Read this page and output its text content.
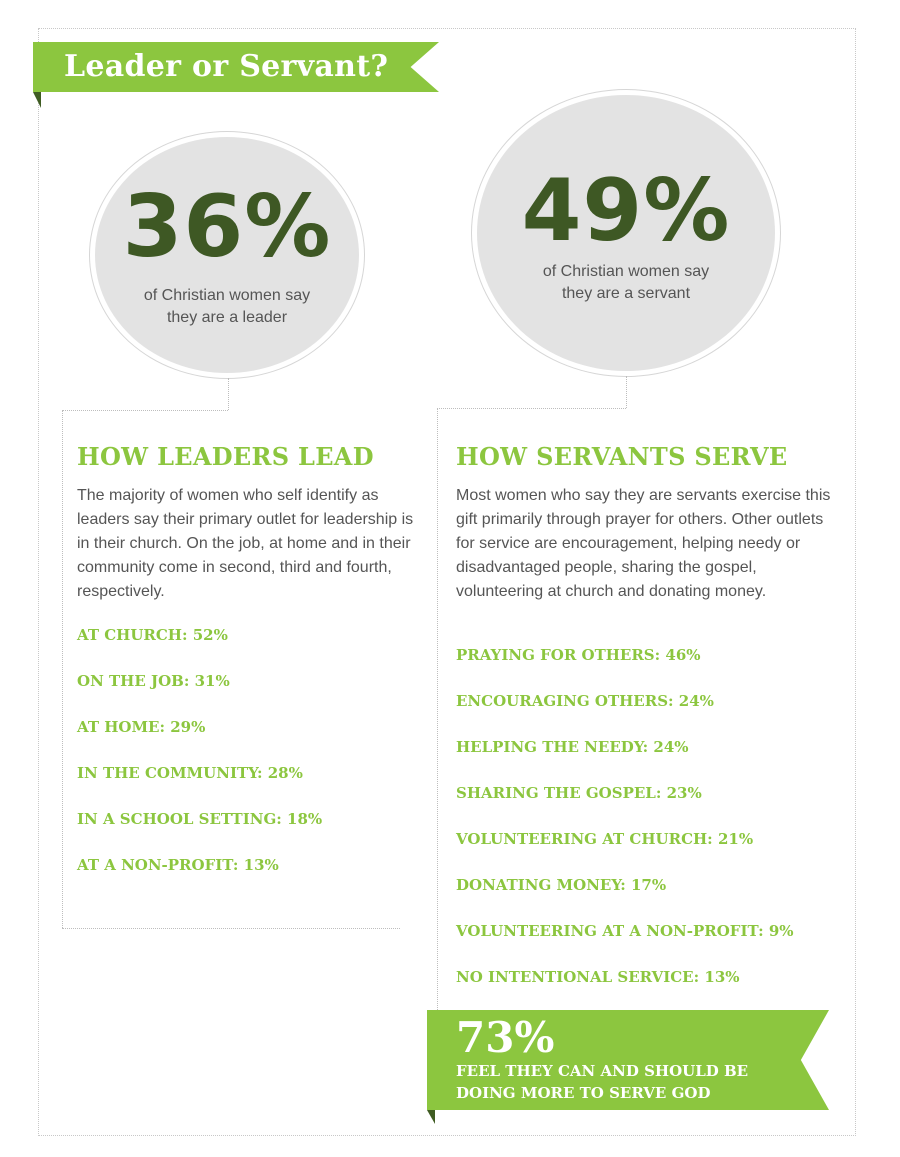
Leader or Servant?
36%
of Christian women say
they are a leader
49%
of Christian women say
they are a servant
HOW LEADERS LEAD

The majority of women who self identify as leaders say their primary outlet for leadership is in their church. On the job, at home and in their community come in second, third and fourth, respectively.

AT CHURCH: 52%
ON THE JOB: 31%
AT HOME: 29%
IN THE COMMUNITY: 28%
IN A SCHOOL SETTING: 18%
AT A NON-PROFIT: 13%
HOW SERVANTS SERVE

Most women who say they are servants exercise this gift primarily through prayer for others. Other outlets for service are encouragement, helping needy or disadvantaged people, sharing the gospel, volunteering at church and donating money.

PRAYING FOR OTHERS: 46%
ENCOURAGING OTHERS: 24%
HELPING THE NEEDY: 24%
SHARING THE GOSPEL: 23%
VOLUNTEERING AT CHURCH: 21%
DONATING MONEY: 17%
VOLUNTEERING AT A NON-PROFIT: 9%
NO INTENTIONAL SERVICE: 13%
73%
FEEL THEY CAN AND SHOULD BE
DOING MORE TO SERVE GOD
